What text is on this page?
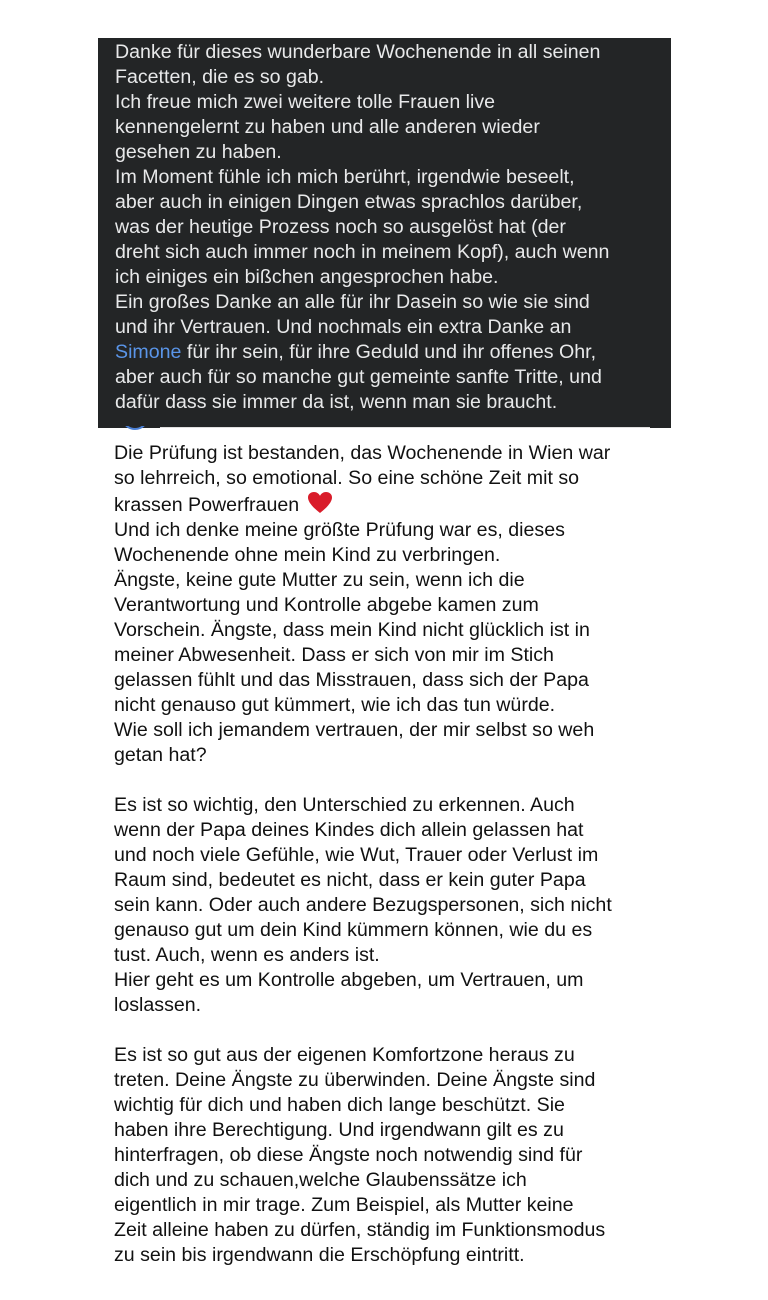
Danke für dieses wunderbare Wochenende in all seinen
Facetten, die es so gab.
Ich freue mich zwei weitere tolle Frauen live
kennengelernt zu haben und alle anderen wieder
gesehen zu haben.
Im Moment fühle ich mich berührt, irgendwie beseelt,
aber auch in einigen Dingen etwas sprachlos darüber,
was der heutige Prozess noch so ausgelöst hat (der
dreht sich auch immer noch in meinem Kopf), auch wenn
ich einiges ein bißchen angesprochen habe.
Ein großes Danke an alle für ihr Dasein so wie sie sind
und ihr Vertrauen. Und nochmals ein extra Danke an
Simone für ihr sein, für ihre Geduld und ihr offenes Ohr,
aber auch für so manche gut gemeinte sanfte Tritte, und
dafür dass sie immer da ist, wenn man sie braucht.
Die Prüfung ist bestanden, das Wochenende in Wien war
so lehrreich, so emotional. So eine schöne Zeit mit so
krassen Powerfrauen
Und ich denke meine größte Prüfung war es, dieses
Wochenende ohne mein Kind zu verbringen.
Ängste, keine gute Mutter zu sein, wenn ich die
Verantwortung und Kontrolle abgebe kamen zum
Vorschein. Ängste, dass mein Kind nicht glücklich ist in
meiner Abwesenheit. Dass er sich von mir im Stich
gelassen fühlt und das Misstrauen, dass sich der Papa
nicht genauso gut kümmert, wie ich das tun würde.
Wie soll ich jemandem vertrauen, der mir selbst so weh
getan hat?
Es ist so wichtig, den Unterschied zu erkennen. Auch
wenn der Papa deines Kindes dich allein gelassen hat
und noch viele Gefühle, wie Wut, Trauer oder Verlust im
Raum sind, bedeutet es nicht, dass er kein guter Papa
sein kann. Oder auch andere Bezugspersonen, sich nicht
genauso gut um dein Kind kümmern können, wie du es
tust. Auch, wenn es anders ist.
Hier geht es um Kontrolle abgeben, um Vertrauen, um
loslassen.
Es ist so gut aus der eigenen Komfortzone heraus zu
treten. Deine Ängste zu überwinden. Deine Ängste sind
wichtig für dich und haben dich lange beschützt. Sie
haben ihre Berechtigung. Und irgendwann gilt es zu
hinterfragen, ob diese Ängste noch notwendig sind für
dich und zu schauen,welche Glaubenssätze ich
eigentlich in mir trage. Zum Beispiel, als Mutter keine
Zeit alleine haben zu dürfen, ständig im Funktionsmodus
zu sein bis irgendwann die Erschöpfung eintritt.
